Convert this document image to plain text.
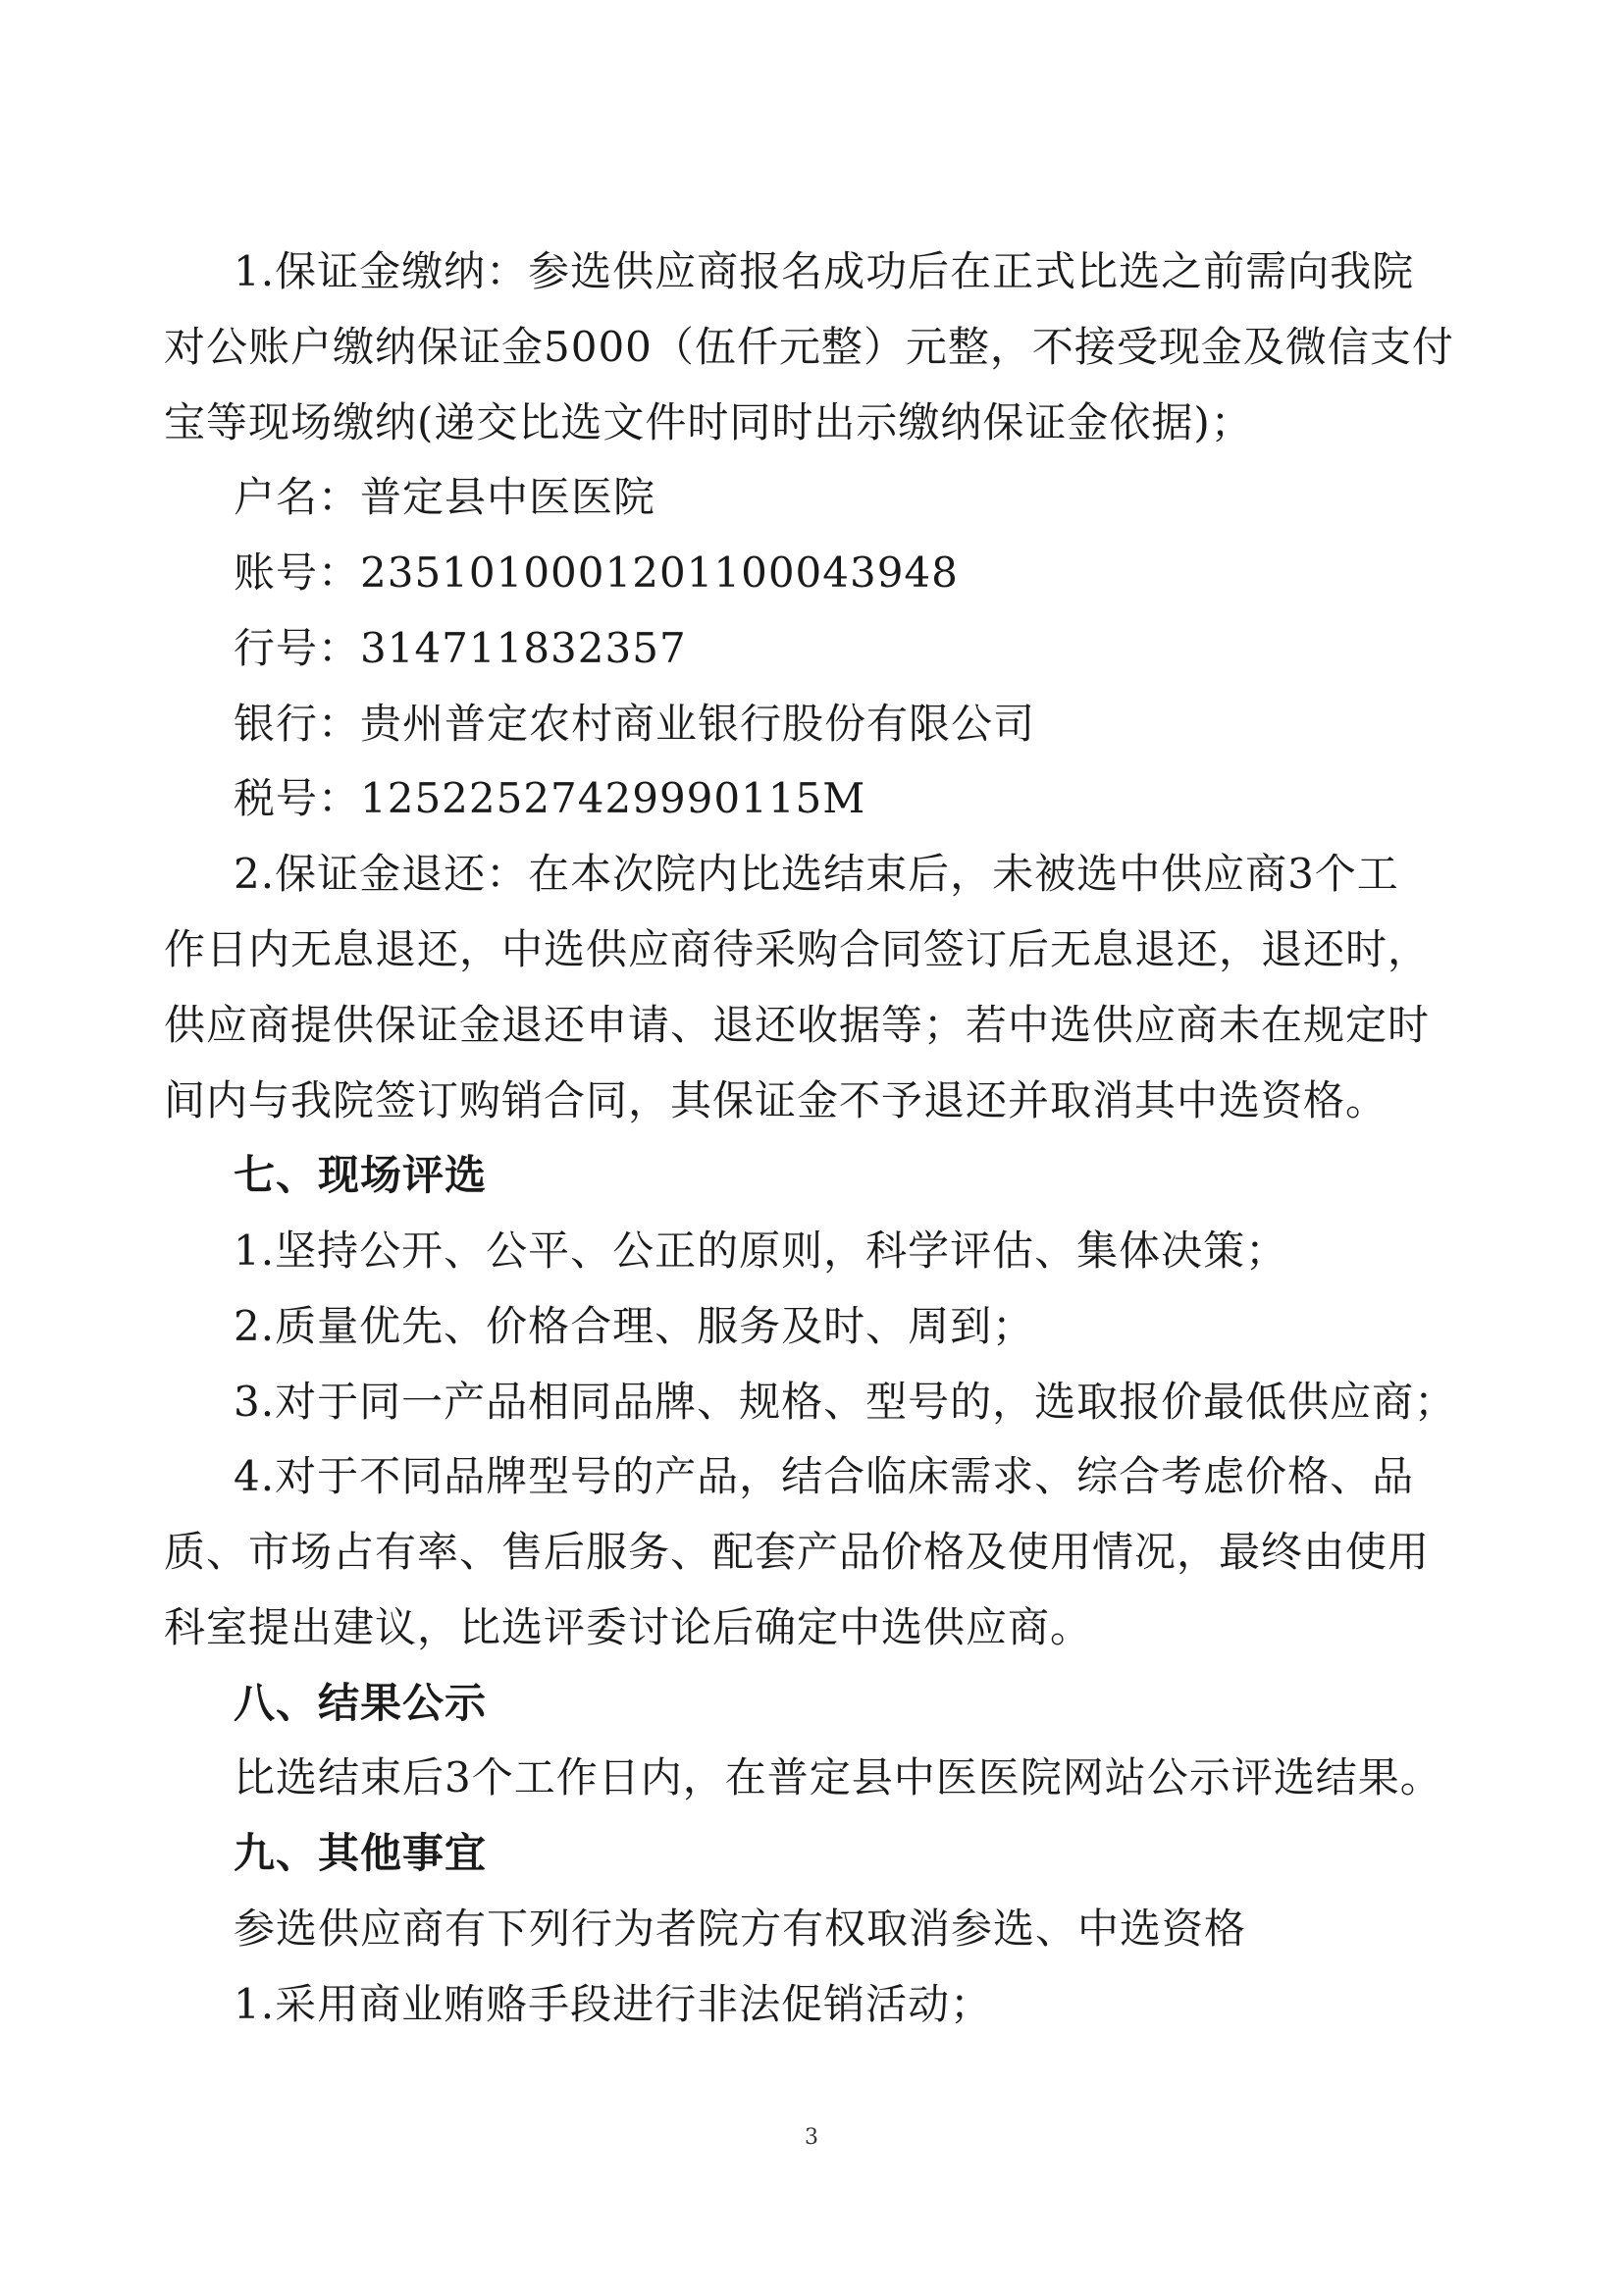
1.保证金缴纳：参选供应商报名成功后在正式比选之前需向我院
对公账户缴纳保证金5000（伍仟元整）元整，不接受现金及微信支付
宝等现场缴纳(递交比选文件时同时出示缴纳保证金依据)；
户名：普定县中医医院
账号：2351010001201100043948
行号：314711832357
银行：贵州普定农村商业银行股份有限公司
税号：12522527429990115M
2.保证金退还：在本次院内比选结束后，未被选中供应商3个工
作日内无息退还，中选供应商待采购合同签订后无息退还，退还时，
供应商提供保证金退还申请、退还收据等；若中选供应商未在规定时
间内与我院签订购销合同，其保证金不予退还并取消其中选资格。
七、现场评选
1.坚持公开、公平、公正的原则，科学评估、集体决策；
2.质量优先、价格合理、服务及时、周到；
3.对于同一产品相同品牌、规格、型号的，选取报价最低供应商；
4.对于不同品牌型号的产品，结合临床需求、综合考虑价格、品
质、市场占有率、售后服务、配套产品价格及使用情况，最终由使用
科室提出建议，比选评委讨论后确定中选供应商。
八、结果公示
比选结束后3个工作日内，在普定县中医医院网站公示评选结果。
九、其他事宜
参选供应商有下列行为者院方有权取消参选、中选资格
1.采用商业贿赂手段进行非法促销活动；
3
